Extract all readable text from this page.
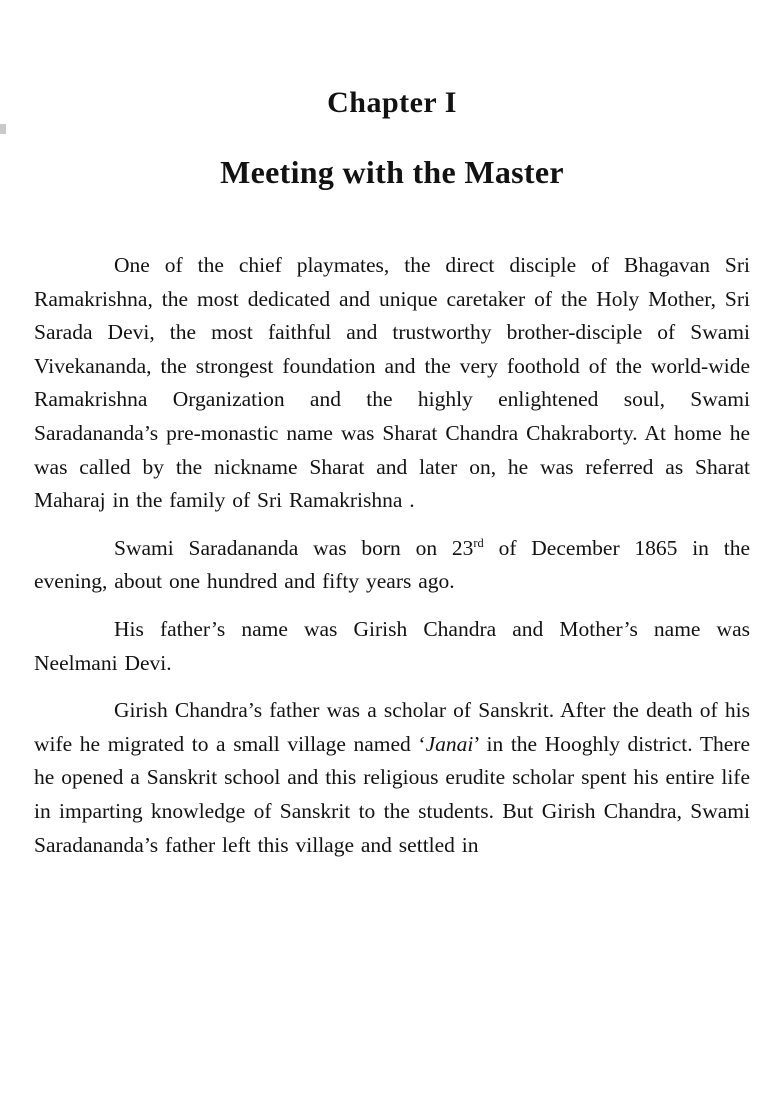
Chapter I
Meeting with the Master

One of the chief playmates, the direct disciple of Bhagavan Sri Ramakrishna, the most dedicated and unique caretaker of the Holy Mother, Sri Sarada Devi, the most faithful and trustworthy brother-disciple of Swami Vivekananda, the strongest foundation and the very foothold of the world-wide Ramakrishna Organization and the highly enlightened soul, Swami Saradananda’s pre-monastic name was Sharat Chandra Chakraborty. At home he was called by the nickname Sharat and later on, he was referred as Sharat Maharaj in the family of Sri Ramakrishna .

Swami Saradananda was born on 23rd of December 1865 in the evening, about one hundred and fifty years ago.

His father’s name was Girish Chandra and Mother’s name was Neelmani Devi.

Girish Chandra’s father was a scholar of Sanskrit. After the death of his wife he migrated to a small village named ‘Janai’ in the Hooghly district. There he opened a Sanskrit school and this religious erudite scholar spent his entire life in imparting knowledge of Sanskrit to the students. But Girish Chandra, Swami Saradananda’s father left this village and settled in
